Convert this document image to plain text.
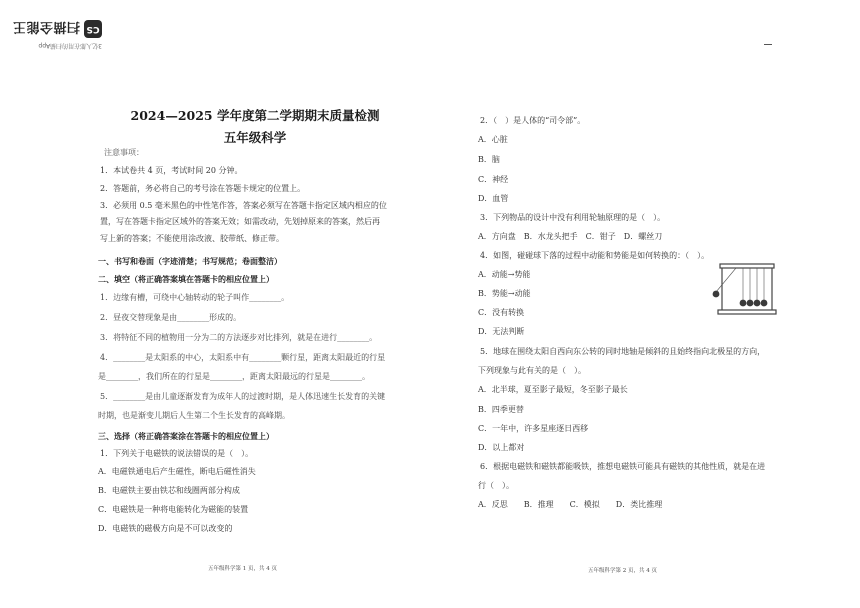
3亿人都在用的扫描App
CS
扫描全能王
2024—2025 学年度第二学期期末质量检测
五年级科学
注意事项：
1．本试卷共 4 页，考试时间 20 分钟。
2．答题前，务必将自己的考号涂在答题卡规定的位置上。
3．必须用 0.5 毫米黑色的中性笔作答，答案必须写在答题卡指定区域内相应的位
置，写在答题卡指定区域外的答案无效；如需改动，先划掉原来的答案，然后再
写上新的答案；不能使用涂改液、胶带纸、修正带。
一、书写和卷面（字迹清楚；书写规范；卷面整洁）
二、填空（将正确答案填在答题卡的相应位置上）
1．边缘有槽，可绕中心轴转动的轮子叫作________。
2．昼夜交替现象是由________形成的。
3．将特征不同的植物用一分为二的方法逐步对比排列，就是在进行________。
4．________是太阳系的中心，太阳系中有________颗行星，距离太阳最近的行星
是________，我们所在的行星是________，距离太阳最远的行星是________。
5．________是由儿童逐渐发育为成年人的过渡时期，是人体迅速生长发育的关键
时期，也是渐变儿期后人生第二个生长发育的高峰期。
三、选择（将正确答案涂在答题卡的相应位置上）
1．下列关于电磁铁的说法错误的是（　）。
A．电磁铁通电后产生磁性，断电后磁性消失
B．电磁铁主要由铁芯和线圈两部分构成
C．电磁铁是一种将电能转化为磁能的装置
D．电磁铁的磁极方向是不可以改变的
五年级科学第 1 页，共 4 页
2．（　）是人体的“司令部”。
A．心脏
B．脑
C．神经
D．血管
3．下列物品的设计中没有利用轮轴原理的是（　）。
A．方向盘　B．水龙头把手　C．钳子　D．螺丝刀
4．如图，碰碰球下落的过程中动能和势能是如何转换的：（　）。
A．动能→势能
B．势能→动能
C．没有转换
D．无法判断
5．地球在围绕太阳自西向东公转的同时地轴是倾斜的且始终指向北极星的方向，
下列现象与此有关的是（　）。
A．北半球，夏至影子最短，冬至影子最长
B．四季更替
C．一年中，许多星座逐日西移
D．以上都对
6．根据电磁铁和磁铁都能吸铁，推想电磁铁可能具有磁铁的其他性质，就是在进
行（　）。
A．反思　　B．推理　　C．模拟　　D．类比推理
五年级科学第 2 页，共 4 页
